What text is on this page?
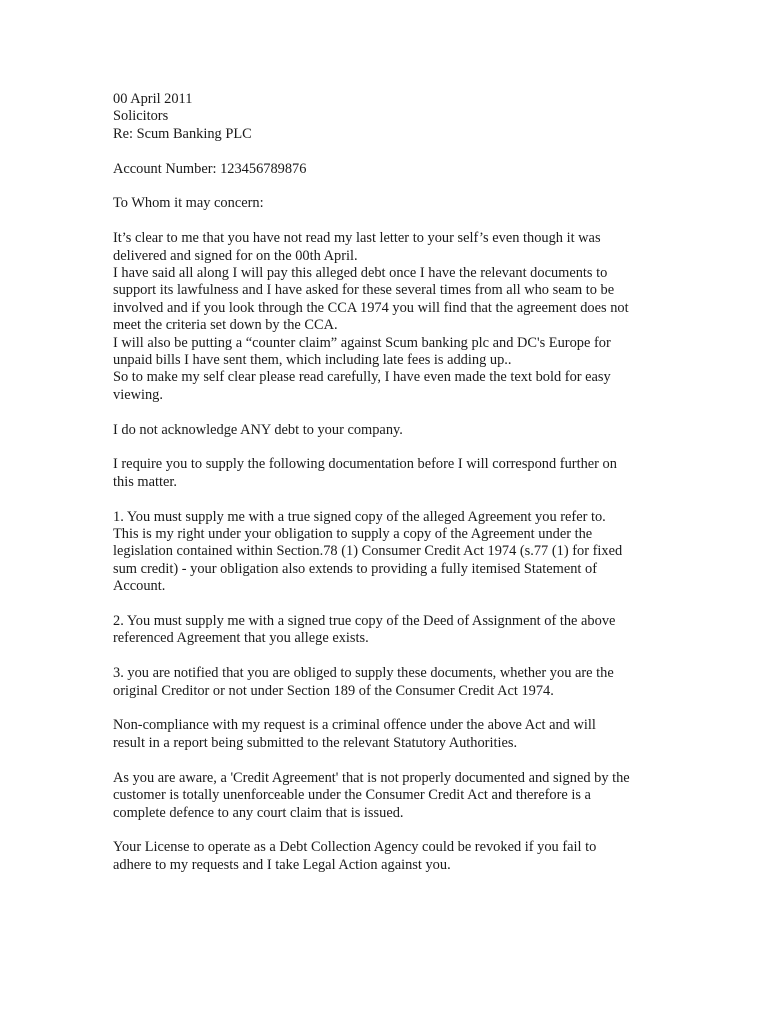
00 April 2011
Solicitors
Re: Scum Banking PLC
Account Number: 123456789876
To Whom it may concern:
It’s clear to me that you have not read my last letter to your self’s even though it was
delivered and signed for on the 00th April.
I have said all along I will pay this alleged debt once I have the relevant documents to
support its lawfulness and I have asked for these several times from all who seam to be
involved and if you look through the CCA 1974 you will find that the agreement does not
meet the criteria set down by the CCA.
I will also be putting a “counter claim” against Scum banking plc and DC's Europe for
unpaid bills I have sent them, which including late fees is adding up..
So to make my self clear please read carefully, I have even made the text bold for easy
viewing.
I do not acknowledge ANY debt to your company.
I require you to supply the following documentation before I will correspond further on
this matter.
1. You must supply me with a true signed copy of the alleged Agreement you refer to.
This is my right under your obligation to supply a copy of the Agreement under the
legislation contained within Section.78 (1) Consumer Credit Act 1974 (s.77 (1) for fixed
sum credit) - your obligation also extends to providing a fully itemised Statement of
Account.
2. You must supply me with a signed true copy of the Deed of Assignment of the above
referenced Agreement that you allege exists.
3. you are notified that you are obliged to supply these documents, whether you are the
original Creditor or not under Section 189 of the Consumer Credit Act 1974.
Non-compliance with my request is a criminal offence under the above Act and will
result in a report being submitted to the relevant Statutory Authorities.
As you are aware, a 'Credit Agreement' that is not properly documented and signed by the
customer is totally unenforceable under the Consumer Credit Act and therefore is a
complete defence to any court claim that is issued.
Your License to operate as a Debt Collection Agency could be revoked if you fail to
adhere to my requests and I take Legal Action against you.
